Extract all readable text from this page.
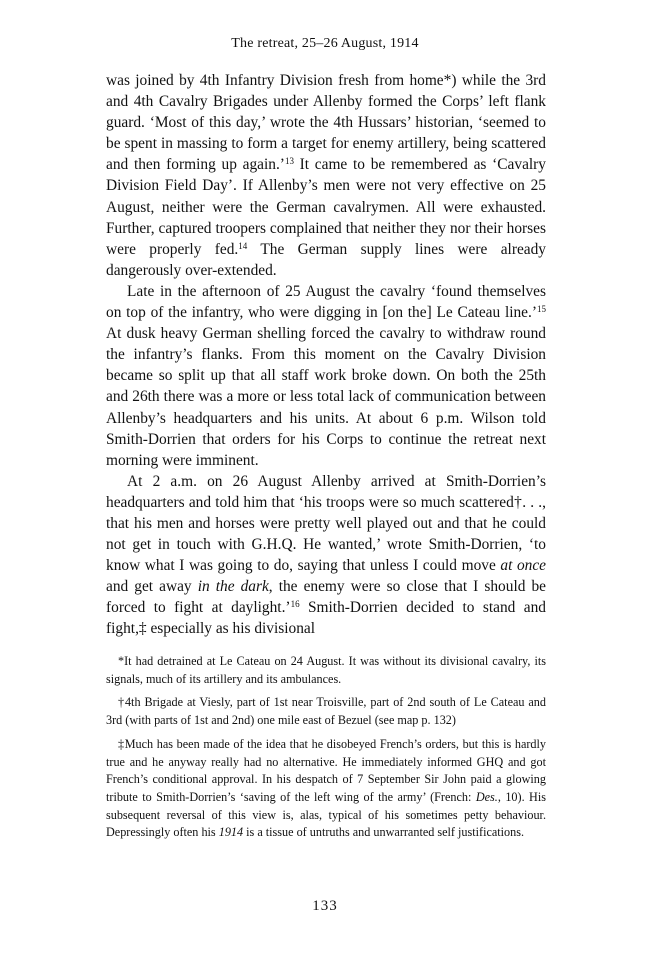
The retreat, 25–26 August, 1914

was joined by 4th Infantry Division fresh from home*) while the 3rd and 4th Cavalry Brigades under Allenby formed the Corps’ left flank guard. ‘Most of this day,’ wrote the 4th Hussars’ historian, ‘seemed to be spent in massing to form a target for enemy artillery, being scattered and then forming up again.’$^{13}$ It came to be remembered as ‘Cavalry Division Field Day’. If Allenby’s men were not very effective on 25 August, neither were the German cavalrymen. All were exhausted. Further, captured troopers complained that neither they nor their horses were properly fed.$^{14}$ The German supply lines were already dangerously over-extended.

Late in the afternoon of 25 August the cavalry ‘found themselves on top of the infantry, who were digging in [on the] Le Cateau line.’$^{15}$ At dusk heavy German shelling forced the cavalry to withdraw round the infantry’s flanks. From this moment on the Cavalry Division became so split up that all staff work broke down. On both the 25th and 26th there was a more or less total lack of communication between Allenby’s headquarters and his units. At about 6 p.m. Wilson told Smith-Dorrien that orders for his Corps to continue the retreat next morning were imminent.

At 2 a.m. on 26 August Allenby arrived at Smith-Dorrien’s headquarters and told him that ‘his troops were so much scattered†. . ., that his men and horses were pretty well played out and that he could not get in touch with G.H.Q. He wanted,’ wrote Smith-Dorrien, ‘to know what I was going to do, saying that unless I could move at once and get away in the dark, the enemy were so close that I should be forced to fight at daylight.’$^{16}$ Smith-Dorrien decided to stand and fight,‡ especially as his divisional

*It had detrained at Le Cateau on 24 August. It was without its divisional cavalry, its signals, much of its artillery and its ambulances.

†4th Brigade at Viesly, part of 1st near Troisville, part of 2nd south of Le Cateau and 3rd (with parts of 1st and 2nd) one mile east of Bezuel (see map p. 132)

‡Much has been made of the idea that he disobeyed French’s orders, but this is hardly true and he anyway really had no alternative. He immediately informed GHQ and got French’s conditional approval. In his despatch of 7 September Sir John paid a glowing tribute to Smith-Dorrien’s ‘saving of the left wing of the army’ (French: Des., 10). His subsequent reversal of this view is, alas, typical of his sometimes petty behaviour. Depressingly often his 1914 is a tissue of untruths and unwarranted self justifications.

133
